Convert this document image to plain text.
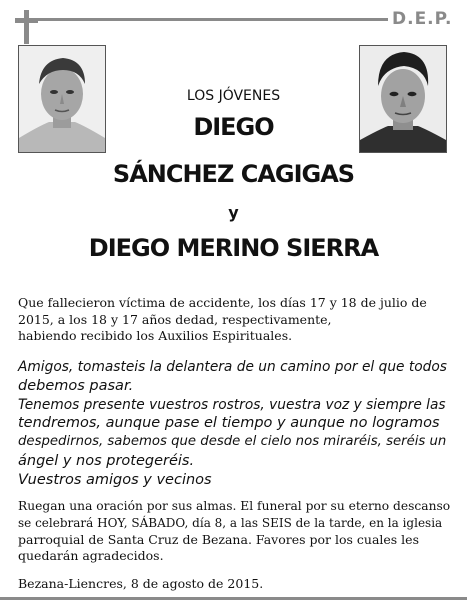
D.E.P.
LOS JÓVENES
DIEGO
SÁNCHEZ CAGIGAS
y
DIEGO MERINO SIERRA
Que fallecieron víctima de accidente, los días 17 y 18 de julio de
2015, a los 18 y 17 años dedad, respectivamente,
habiendo recibido los Auxilios Espirituales.
Amigos, tomasteis la delantera de un camino por el que todos
debemos pasar.
Tenemos presente vuestros rostros, vuestra voz y siempre las
tendremos, aunque pase el tiempo y aunque no logramos
despedirnos, sabemos que desde el cielo nos miraréis, seréis un
ángel y nos protegeréis.
Vuestros amigos y vecinos
Ruegan una oración por sus almas. El funeral por su eterno descanso
se celebrará HOY, SÁBADO, día 8, a las SEIS de la tarde, en la iglesia
parroquial de Santa Cruz de Bezana. Favores por los cuales les
quedarán agradecidos.
Bezana-Liencres, 8 de agosto de 2015.
